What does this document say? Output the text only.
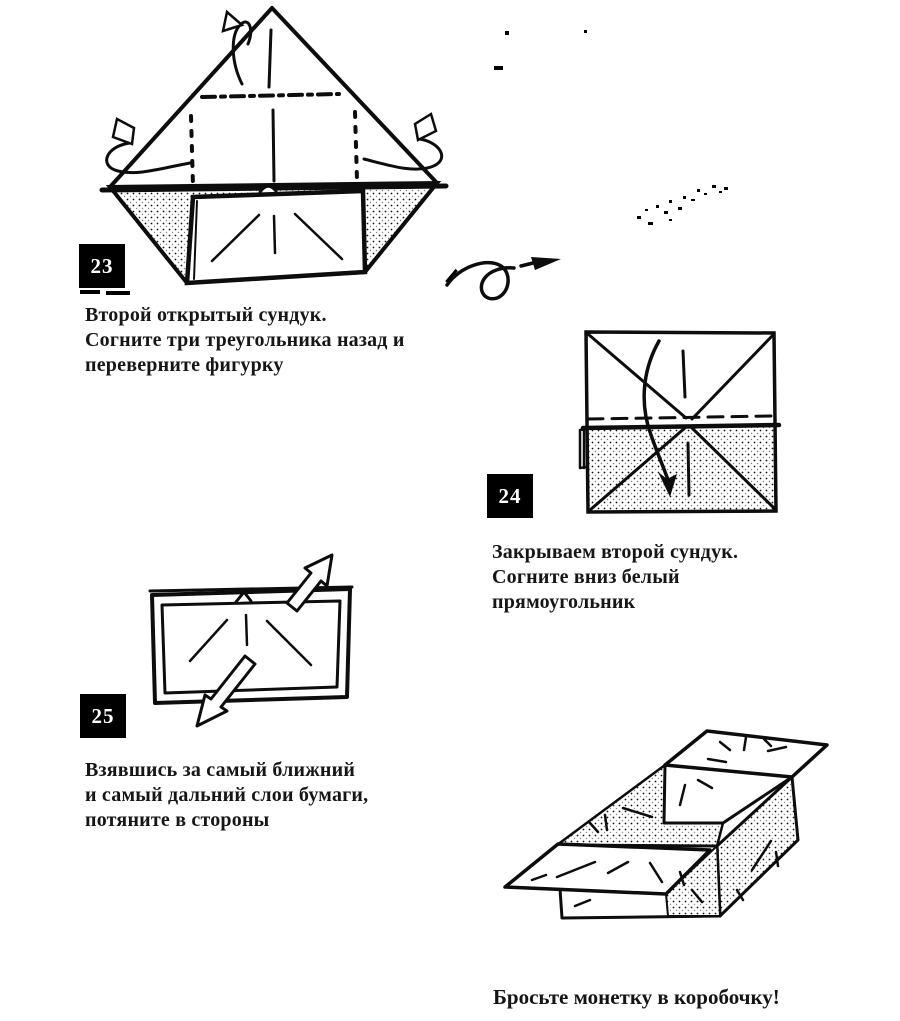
23
24
25
Второй открытый сундук.
Согните три треугольника назад и
переверните фигурку
Закрываем второй сундук.
Согните вниз белый
прямоугольник
Взявшись за самый ближний
и самый дальний слои бумаги,
потяните в стороны
Бросьте монетку в коробочку!
